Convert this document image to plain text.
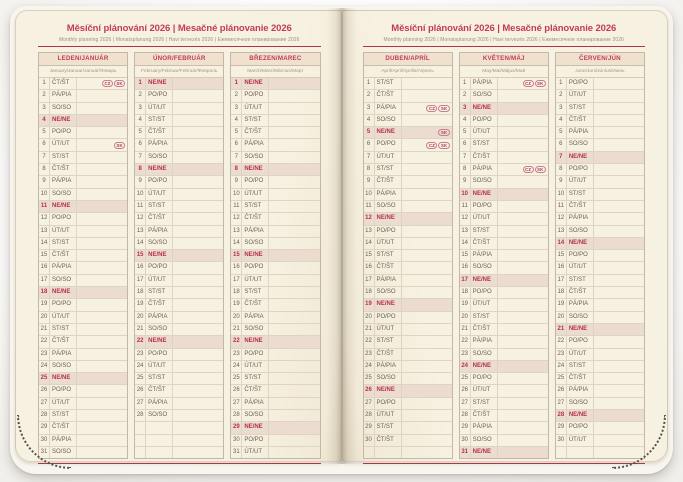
Měsíční plánování 2026 | Mesačné plánovanie 2026
Monthly planning 2026 | Monatsplanung 2026 | Havi tervezés 2026 | Ежемесячное планирование 2026
LEDEN/JANUÁR
January/Januar/Január/Январь
1	ČT/ŠT	CZ	SK
2	PÁ/PIA
3	SO/SO
4	NE/NE
5	PO/PO
6	ÚT/UT	SK
7	ST/ST
8	ČT/ŠT
9	PÁ/PIA
10 SO/SO
11 NE/NE
12 PO/PO
13 ÚT/UT
14 ST/ST
15 ČT/ŠT
16 PÁ/PIA
17 SO/SO
18 NE/NE
19 PO/PO
20 ÚT/UT
21 ST/ST
22 ČT/ŠT
23 PÁ/PIA
24 SO/SO
25 NE/NE
26 PO/PO
27 ÚT/UT
28 ST/ST
29 ČT/ŠT
30 PÁ/PIA
31 SO/SO
ÚNOR/FEBRUÁR
February/Februar/Február/Февраль
1	NE/NE
2	PO/PO
3	ÚT/UT
4	ST/ST
5	ČT/ŠT
6	PÁ/PIA
7	SO/SO
8	NE/NE
9	PO/PO
10 ÚT/UT
11 ST/ST
12 ČT/ŠT
13 PÁ/PIA
14 SO/SO
15 NE/NE
16 PO/PO
17 ÚT/UT
18 ST/ST
19 ČT/ŠT
20 PÁ/PIA
21 SO/SO
22 NE/NE
23 PO/PO
24 ÚT/UT
25 ST/ST
26 ČT/ŠT
27 PÁ/PIA
28 SO/SO
BŘEZEN/MAREC
March/März/Március/Март
1	NE/NE
2	PO/PO
3	ÚT/UT
4	ST/ST
5	ČT/ŠT
6	PÁ/PIA
7	SO/SO
8	NE/NE
9	PO/PO
10 ÚT/UT
11 ST/ST
12 ČT/ŠT
13 PÁ/PIA
14 SO/SO
15 NE/NE
16 PO/PO
17 ÚT/UT
18 ST/ST
19 ČT/ŠT
20 PÁ/PIA
21 SO/SO
22 NE/NE
23 PO/PO
24 ÚT/UT
25 ST/ST
26 ČT/ŠT
27 PÁ/PIA
28 SO/SO
29 NE/NE
30 PO/PO
31 ÚT/UT
Měsíční plánování 2026 | Mesačné plánovanie 2026
Monthly planning 2026 | Monatsplanung 2026 | Havi tervezés 2026 | Ежемесячное планирование 2026
DUBEN/APRÍL
April/April/Április/Апрель
1	ST/ST
2	ČT/ŠT
3	PÁ/PIA	CZ	SK
4	SO/SO
5	NE/NE	SK
6	PO/PO	CZ	SK
7	ÚT/UT
8	ST/ST
9	ČT/ŠT
10 PÁ/PIA
11 SO/SO
12 NE/NE
13 PO/PO
14 ÚT/UT
15 ST/ST
16 ČT/ŠT
17 PÁ/PIA
18 SO/SO
19 NE/NE
20 PO/PO
21 ÚT/UT
22 ST/ST
23 ČT/ŠT
24 PÁ/PIA
25 SO/SO
26 NE/NE
27 PO/PO
28 ÚT/UT
29 ST/ST
30 ČT/ŠT
KVĚTEN/MÁJ
May/Mai/Május/Май
1	PÁ/PIA	CZ	SK
2	SO/SO
3	NE/NE
4	PO/PO
5	ÚT/UT
6	ST/ST
7	ČT/ŠT
8	PÁ/PIA	CZ	SK
9	SO/SO
10 NE/NE
11 PO/PO
12 ÚT/UT
13 ST/ST
14 ČT/ŠT
15 PÁ/PIA
16 SO/SO
17 NE/NE
18 PO/PO
19 ÚT/UT
20 ST/ST
21 ČT/ŠT
22 PÁ/PIA
23 SO/SO
24 NE/NE
25 PO/PO
26 ÚT/UT
27 ST/ST
28 ČT/ŠT
29 PÁ/PIA
30 SO/SO
31 NE/NE
ČERVEN/JÚN
June/Juni/Június/Июнь
1	PO/PO
2	ÚT/UT
3	ST/ST
4	ČT/ŠT
5	PÁ/PIA
6	SO/SO
7	NE/NE
8	PO/PO
9	ÚT/UT
10 ST/ST
11 ČT/ŠT
12 PÁ/PIA
13 SO/SO
14 NE/NE
15 PO/PO
16 ÚT/UT
17 ST/ST
18 ČT/ŠT
19 PÁ/PIA
20 SO/SO
21 NE/NE
22 PO/PO
23 ÚT/UT
24 ST/ST
25 ČT/ŠT
26 PÁ/PIA
27 SO/SO
28 NE/NE
29 PO/PO
30 ÚT/UT
